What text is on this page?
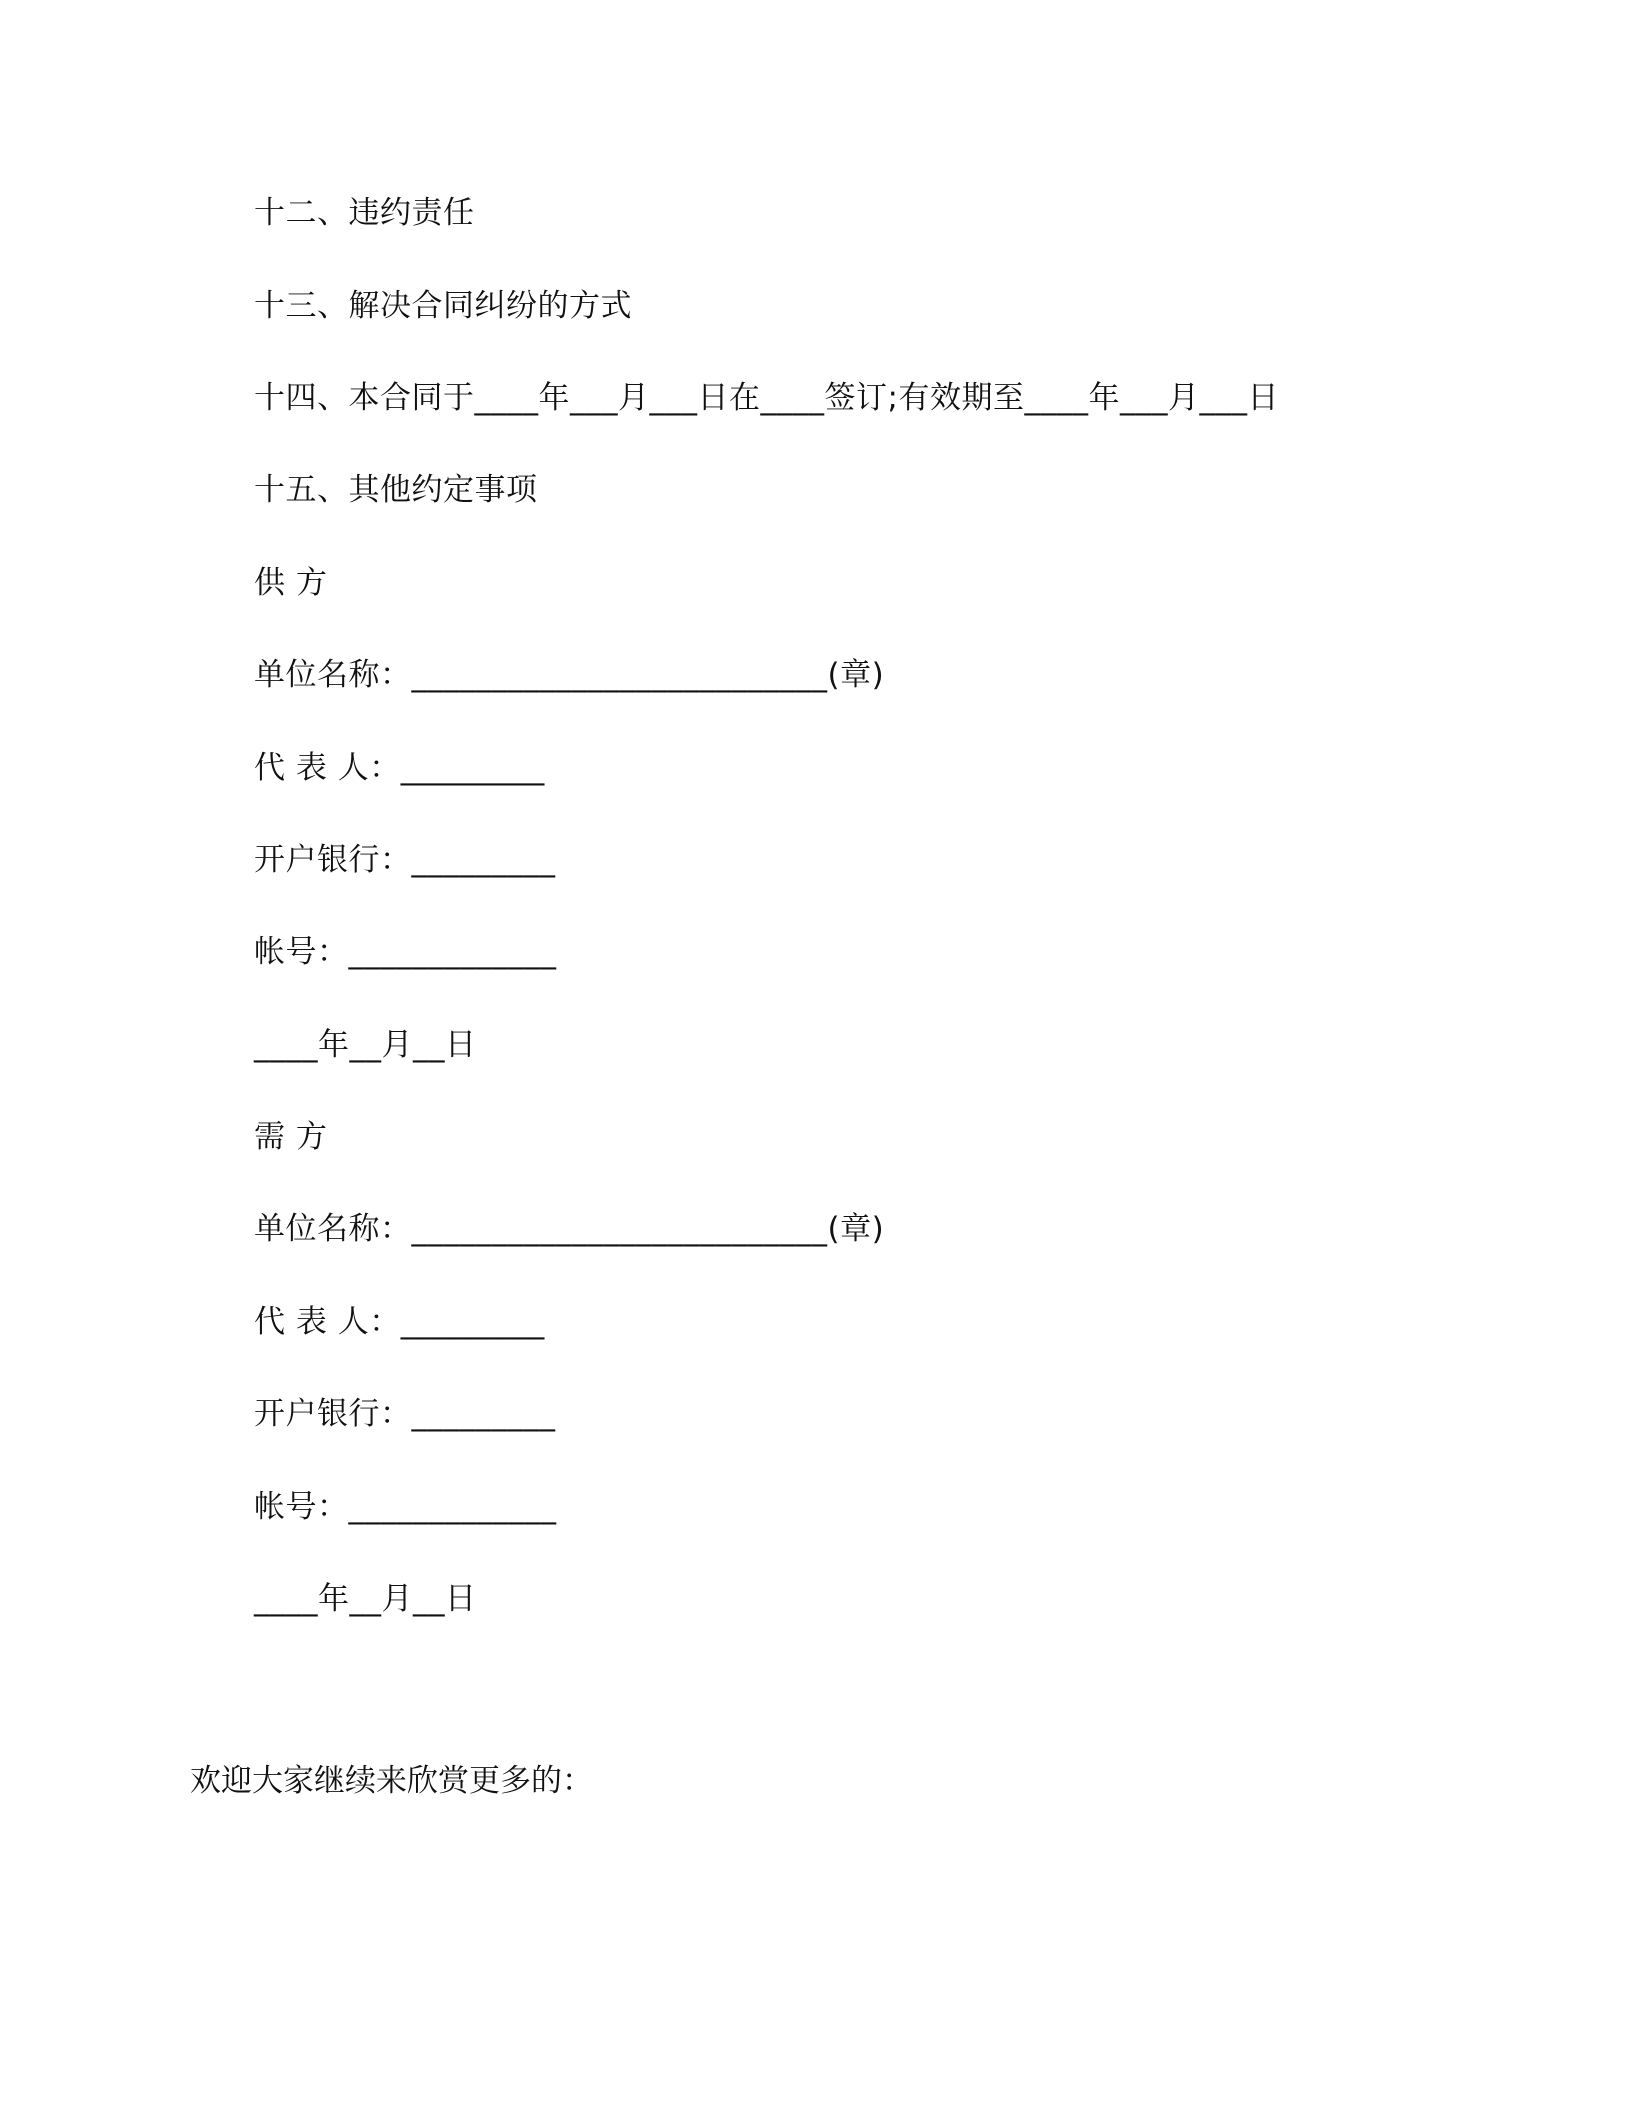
十二、违约责任
十三、解决合同纠纷的方式
十四、本合同于____年___月___日在____签订;有效期至____年___月___日
十五、其他约定事项
供 方
单位名称：__________________________(章)
代 表 人：_________
开户银行：_________
帐号：_____________
____年__月__日
需 方
单位名称：__________________________(章)
代 表 人：_________
开户银行：_________
帐号：_____________
____年__月__日
欢迎大家继续来欣赏更多的：
